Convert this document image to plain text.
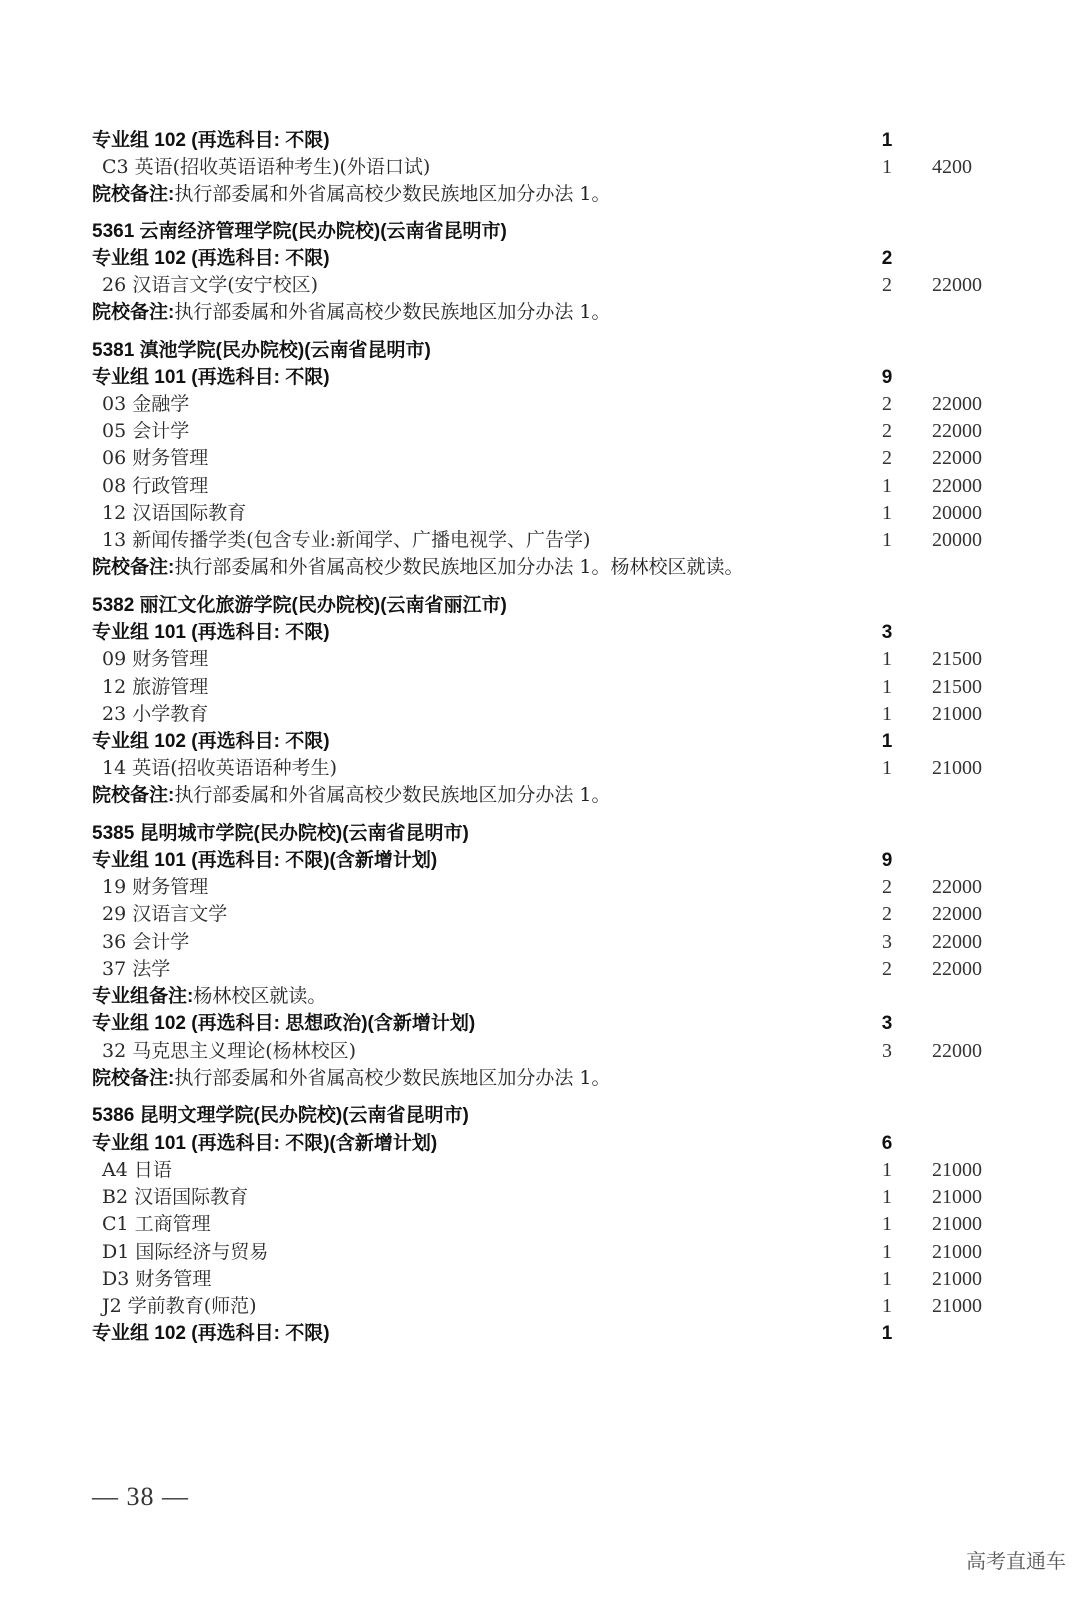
专业组 102 (再选科目: 不限)	1
C3 英语(招收英语语种考生)(外语口试)	1 4200
院校备注:执行部委属和外省属高校少数民族地区加分办法 1。
5361 云南经济管理学院(民办院校)(云南省昆明市)
专业组 102 (再选科目: 不限)	2
26 汉语言文学(安宁校区)	2 22000
院校备注:执行部委属和外省属高校少数民族地区加分办法 1。
5381 滇池学院(民办院校)(云南省昆明市)
专业组 101 (再选科目: 不限)	9
03 金融学	2 22000
05 会计学	2 22000
06 财务管理	2 22000
08 行政管理	1 22000
12 汉语国际教育	1 20000
13 新闻传播学类(包含专业:新闻学、广播电视学、广告学)	1 20000
院校备注:执行部委属和外省属高校少数民族地区加分办法 1。杨林校区就读。
5382 丽江文化旅游学院(民办院校)(云南省丽江市)
专业组 101 (再选科目: 不限)	3
09 财务管理	1 21500
12 旅游管理	1 21500
23 小学教育	1 21000
专业组 102 (再选科目: 不限)	1
14 英语(招收英语语种考生)	1 21000
院校备注:执行部委属和外省属高校少数民族地区加分办法 1。
5385 昆明城市学院(民办院校)(云南省昆明市)
专业组 101 (再选科目: 不限)(含新增计划)	9
19 财务管理	2 22000
29 汉语言文学	2 22000
36 会计学	3 22000
37 法学	2 22000
专业组备注:杨林校区就读。
专业组 102 (再选科目: 思想政治)(含新增计划)	3
32 马克思主义理论(杨林校区)	3 22000
院校备注:执行部委属和外省属高校少数民族地区加分办法 1。
5386 昆明文理学院(民办院校)(云南省昆明市)
专业组 101 (再选科目: 不限)(含新增计划)	6
A4 日语	1 21000
B2 汉语国际教育	1 21000
C1 工商管理	1 21000
D1 国际经济与贸易	1 21000
D3 财务管理	1 21000
J2 学前教育(师范)	1 21000
专业组 102 (再选科目: 不限)	1
— 38 —
高考直通车
